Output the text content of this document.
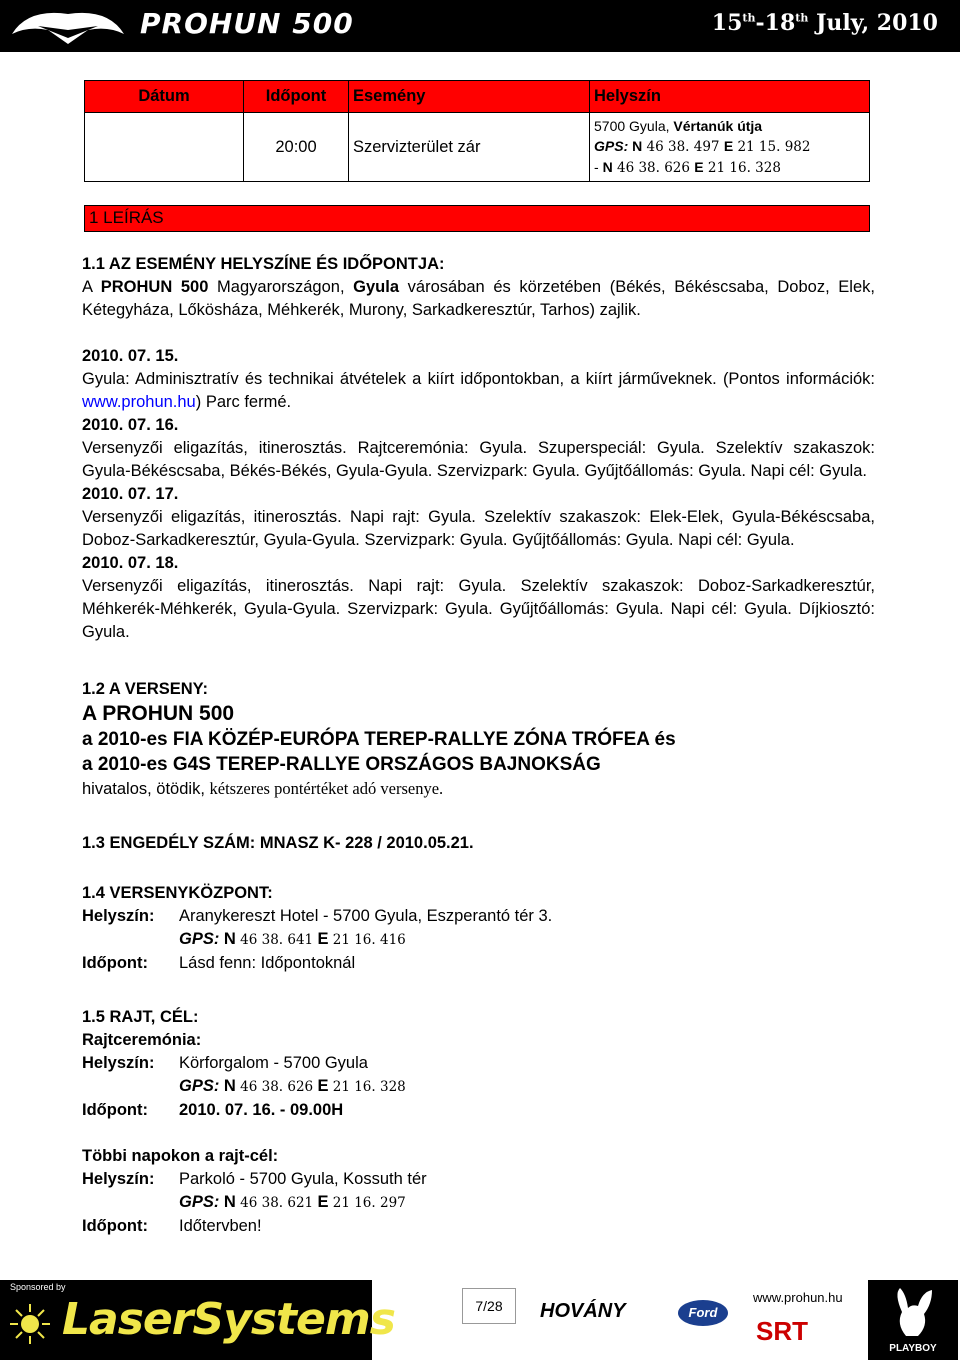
PROHUN 500	15th-18th July, 2010
Dátum	Időpont	Esemény	Helyszín
	20:00	Szervizterület zár	5700 Gyula, Vértanúk útja
GPS: N 46 38. 497 E 21 15. 982
- N 46 38. 626 E 21 16. 328
1 LEÍRÁS

1.1 AZ ESEMÉNY HELYSZÍNE ÉS IDŐPONTJA:

A PROHUN 500 Magyarországon, Gyula városában és körzetében (Békés, Békéscsaba, Doboz, Elek, Kétegyháza, Lőkösháza, Méhkerék, Murony, Sarkadkeresztúr, Tarhos) zajlik.

2010. 07. 15.

Gyula: Adminisztratív és technikai átvételek a kiírt időpontokban, a kiírt járműveknek. (Pontos információk: www.prohun.hu) Parc fermé.

2010. 07. 16.

Versenyzői eligazítás, itinerosztás. Rajtceremónia: Gyula. Szuperspeciál: Gyula. Szelektív szakaszok: Gyula-Békéscsaba, Békés-Békés, Gyula-Gyula. Szervizpark: Gyula. Gyűjtőállomás: Gyula. Napi cél: Gyula.

2010. 07. 17.

Versenyzői eligazítás, itinerosztás. Napi rajt: Gyula. Szelektív szakaszok: Elek-Elek, Gyula-Békéscsaba, Doboz-Sarkadkeresztúr, Gyula-Gyula. Szervizpark: Gyula. Gyűjtőállomás: Gyula. Napi cél: Gyula.

2010. 07. 18.

Versenyzői eligazítás, itinerosztás. Napi rajt: Gyula. Szelektív szakaszok: Doboz-Sarkadkeresztúr, Méhkerék-Méhkerék, Gyula-Gyula. Szervizpark: Gyula. Gyűjtőállomás: Gyula. Napi cél: Gyula. Díjkiosztó: Gyula.

1.2 A VERSENY:

A PROHUN 500

a 2010-es FIA KÖZÉP-EURÓPA TEREP-RALLYE ZÓNA TRÓFEA és

a 2010-es G4S TEREP-RALLYE ORSZÁGOS BAJNOKSÁG

hivatalos, ötödik, kétszeres pontértéket adó versenye.

1.3 ENGEDÉLY SZÁM: MNASZ K- 228 / 2010.05.21.

1.4 VERSENYKÖZPONT:

Helyszín:	Aranykereszt Hotel - 5700 Gyula, Eszperantó tér 3.
GPS: N 46 38. 641 E 21 16. 416
Időpont:	Lásd fenn: Időpontoknál

1.5 RAJT, CÉL:

Rajtceremónia:

Helyszín:	Körforgalom - 5700 Gyula
GPS: N 46 38. 626 E 21 16. 328
Időpont:	2010. 07. 16. - 09.00H

Többi napokon a rajt-cél:

Helyszín:	Parkoló - 5700 Gyula, Kossuth tér
GPS: N 46 38. 621 E 21 16. 297
Időpont:	Időtervben!
Sponsored by
LaserSystems	7/28	HOVÁNY	Ford
www.prohun.hu
SRT
PLAYBOY
